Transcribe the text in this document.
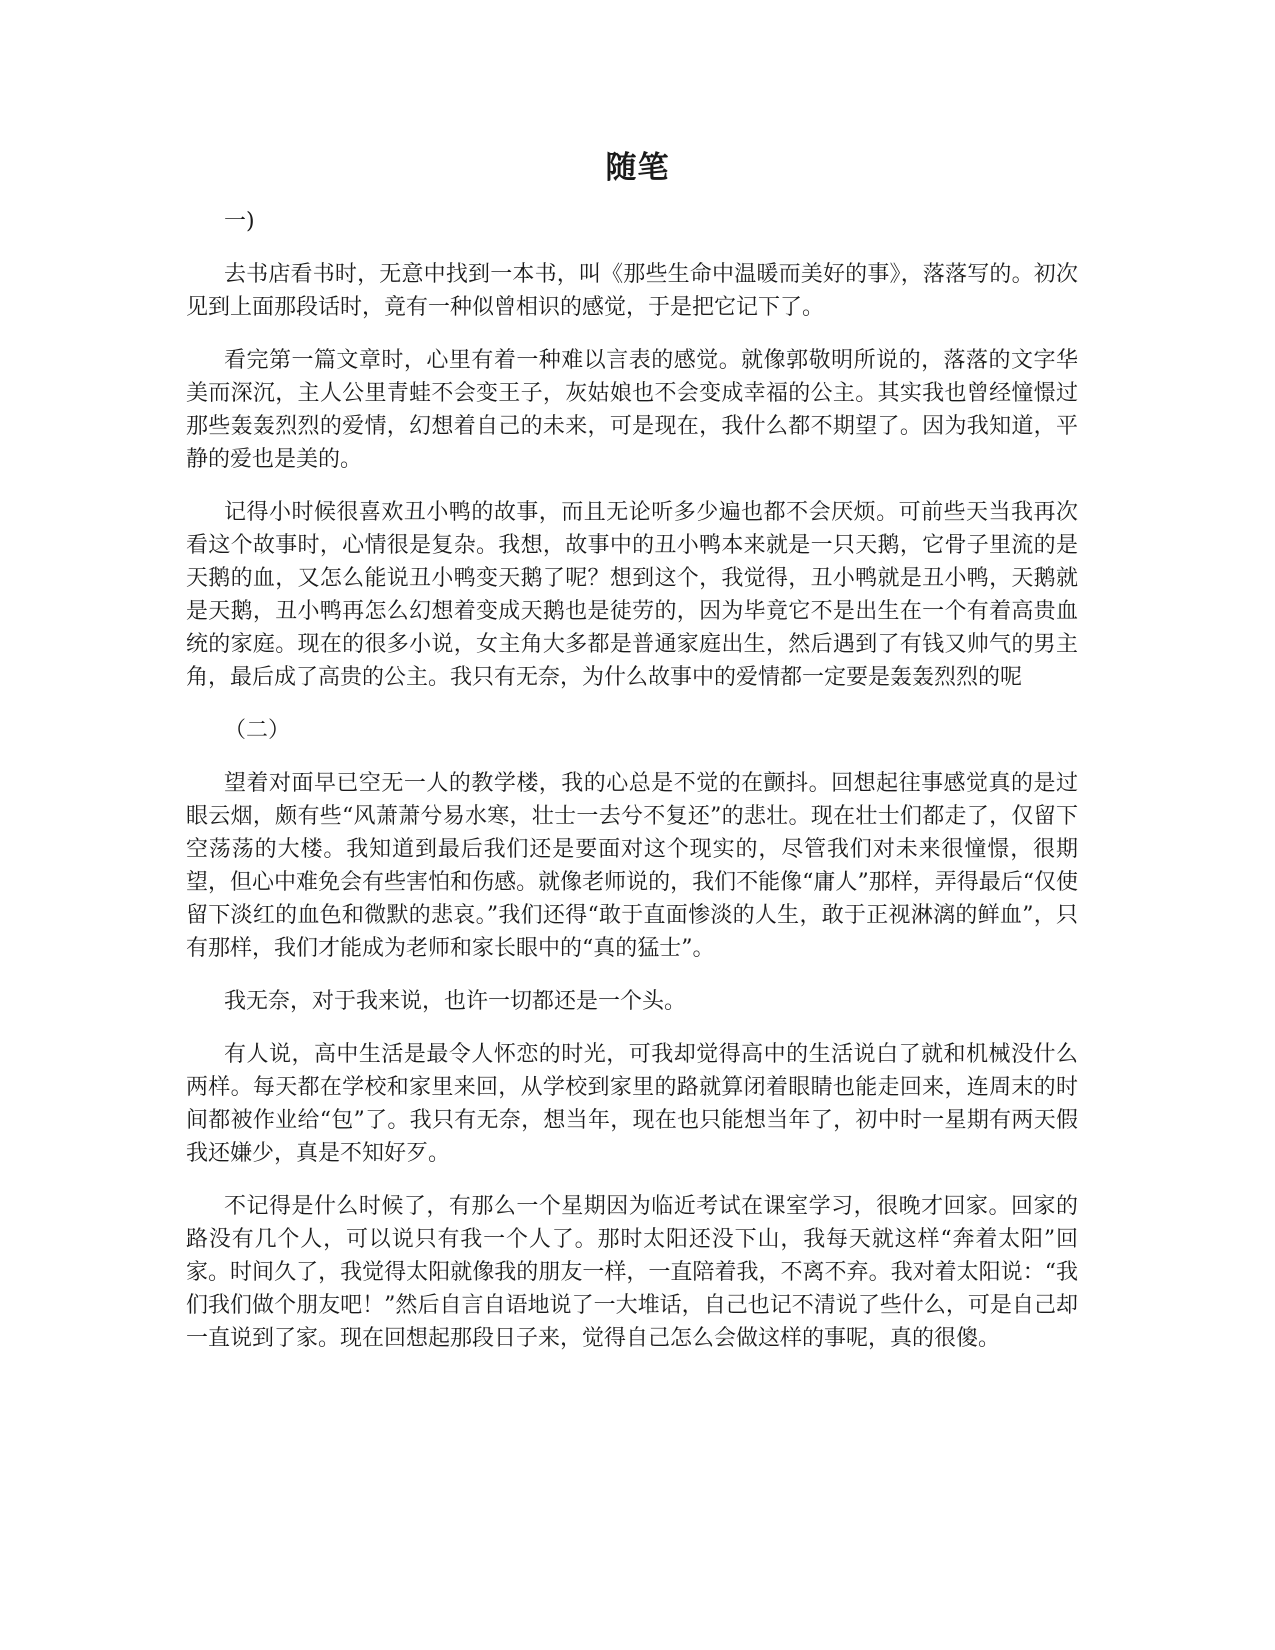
随笔

一)

去书店看书时，无意中找到一本书，叫《那些生命中温暖而美好的事》，落落写的。初次见到上面那段话时，竟有一种似曾相识的感觉，于是把它记下了。

看完第一篇文章时，心里有着一种难以言表的感觉。就像郭敬明所说的，落落的文字华美而深沉，主人公里青蛙不会变王子，灰姑娘也不会变成幸福的公主。其实我也曾经憧憬过那些轰轰烈烈的爱情，幻想着自己的未来，可是现在，我什么都不期望了。因为我知道，平静的爱也是美的。

记得小时候很喜欢丑小鸭的故事，而且无论听多少遍也都不会厌烦。可前些天当我再次看这个故事时，心情很是复杂。我想，故事中的丑小鸭本来就是一只天鹅，它骨子里流的是天鹅的血，又怎么能说丑小鸭变天鹅了呢？想到这个，我觉得，丑小鸭就是丑小鸭，天鹅就是天鹅，丑小鸭再怎么幻想着变成天鹅也是徒劳的，因为毕竟它不是出生在一个有着高贵血统的家庭。现在的很多小说，女主角大多都是普通家庭出生，然后遇到了有钱又帅气的男主角，最后成了高贵的公主。我只有无奈，为什么故事中的爱情都一定要是轰轰烈烈的呢

（二）

望着对面早已空无一人的教学楼，我的心总是不觉的在颤抖。回想起往事感觉真的是过眼云烟，颇有些“风萧萧兮易水寒，壮士一去兮不复还”的悲壮。现在壮士们都走了，仅留下空荡荡的大楼。我知道到最后我们还是要面对这个现实的，尽管我们对未来很憧憬，很期望，但心中难免会有些害怕和伤感。就像老师说的，我们不能像“庸人”那样，弄得最后“仅使留下淡红的血色和微默的悲哀。”我们还得“敢于直面惨淡的人生，敢于正视淋漓的鲜血”，只有那样，我们才能成为老师和家长眼中的“真的猛士”。

我无奈，对于我来说，也许一切都还是一个头。

有人说，高中生活是最令人怀恋的时光，可我却觉得高中的生活说白了就和机械没什么两样。每天都在学校和家里来回，从学校到家里的路就算闭着眼睛也能走回来，连周末的时间都被作业给“包”了。我只有无奈，想当年，现在也只能想当年了，初中时一星期有两天假我还嫌少，真是不知好歹。

不记得是什么时候了，有那么一个星期因为临近考试在课室学习，很晚才回家。回家的路没有几个人，可以说只有我一个人了。那时太阳还没下山，我每天就这样“奔着太阳”回家。时间久了，我觉得太阳就像我的朋友一样，一直陪着我，不离不弃。我对着太阳说：“我们我们做个朋友吧！”然后自言自语地说了一大堆话，自己也记不清说了些什么，可是自己却一直说到了家。现在回想起那段日子来，觉得自己怎么会做这样的事呢，真的很傻。
